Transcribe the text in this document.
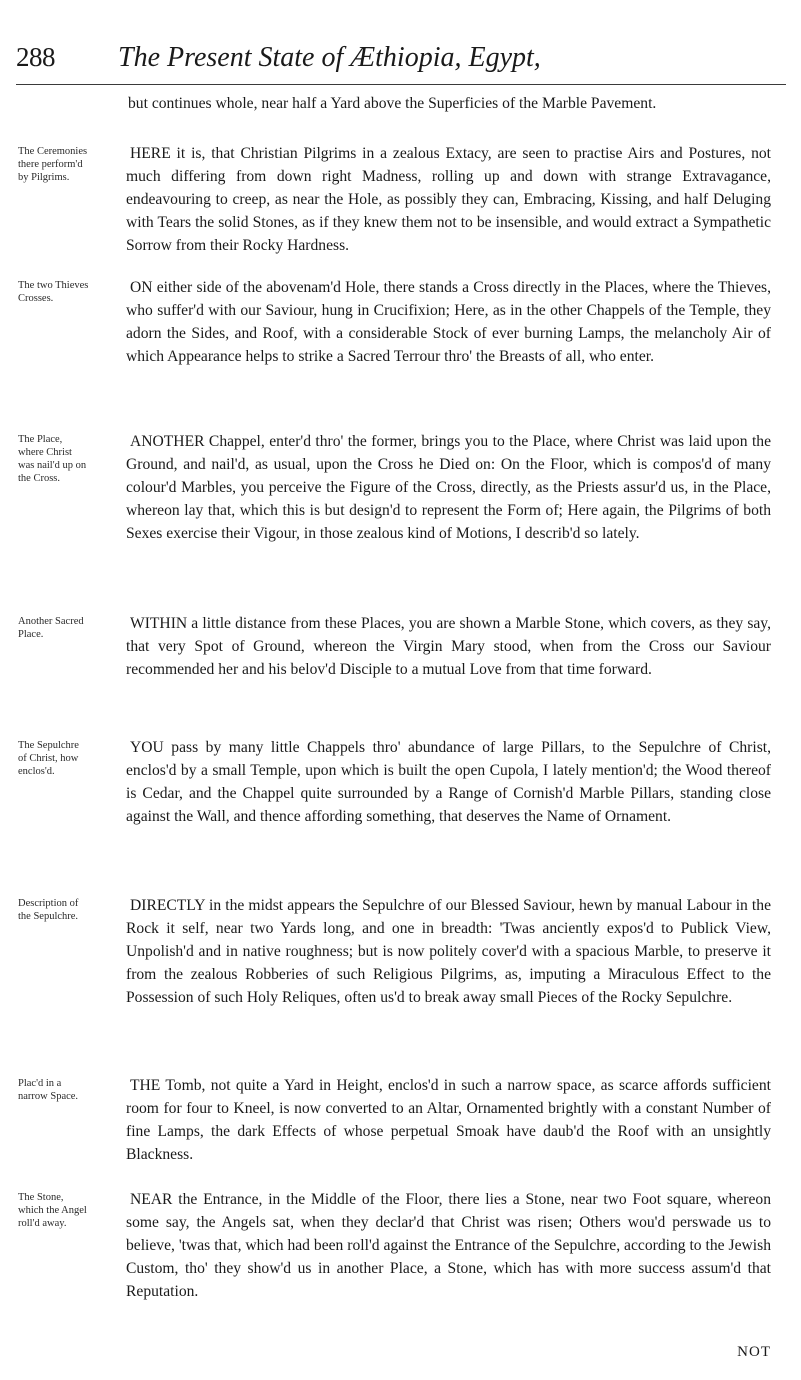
288 The Present State of Æthiopia, Egypt,
but continues whole, near half a Yard above the Superficies of the Marble Pavement.
The Ceremonies there perform'd by Pilgrims.
HERE it is, that Christian Pilgrims in a zealous Extacy, are seen to practise Airs and Postures, not much differing from down right Madness, rolling up and down with strange Extravagance, endeavouring to creep, as near the Hole, as possibly they can, Embracing, Kissing, and half Deluging with Tears the solid Stones, as if they knew them not to be insensible, and would extract a Sympathetic Sorrow from their Rocky Hardness.
The two Thieves Crosses.
ON either side of the abovenam'd Hole, there stands a Cross directly in the Places, where the Thieves, who suffer'd with our Saviour, hung in Crucifixion; Here, as in the other Chappels of the Temple, they adorn the Sides, and Roof, with a considerable Stock of ever burning Lamps, the melancholy Air of which Appearance helps to strike a Sacred Terrour thro' the Breasts of all, who enter.
The Place, where Christ was nail'd up on the Cross.
ANOTHER Chappel, enter'd thro' the former, brings you to the Place, where Christ was laid upon the Ground, and nail'd, as usual, upon the Cross he Died on: On the Floor, which is compos'd of many colour'd Marbles, you perceive the Figure of the Cross, directly, as the Priests assur'd us, in the Place, whereon lay that, which this is but design'd to represent the Form of; Here again, the Pilgrims of both Sexes exercise their Vigour, in those zealous kind of Motions, I describ'd so lately.
Another Sacred Place.
WITHIN a little distance from these Places, you are shown a Marble Stone, which covers, as they say, that very Spot of Ground, whereon the Virgin Mary stood, when from the Cross our Saviour recommended her and his belov'd Disciple to a mutual Love from that time forward.
The Sepulchre of Christ, how enclos'd.
YOU pass by many little Chappels thro' abundance of large Pillars, to the Sepulchre of Christ, enclos'd by a small Temple, upon which is built the open Cupola, I lately mention'd; the Wood thereof is Cedar, and the Chappel quite surrounded by a Range of Cornish'd Marble Pillars, standing close against the Wall, and thence affording something, that deserves the Name of Ornament.
Description of the Sepulchre.
DIRECTLY in the midst appears the Sepulchre of our Blessed Saviour, hewn by manual Labour in the Rock it self, near two Yards long, and one in breadth: 'Twas anciently expos'd to Publick View, Unpolish'd and in native roughness; but is now politely cover'd with a spacious Marble, to preserve it from the zealous Robberies of such Religious Pilgrims, as, imputing a Miraculous Effect to the Possession of such Holy Reliques, often us'd to break away small Pieces of the Rocky Sepulchre.
Plac'd in a narrow Space.
THE Tomb, not quite a Yard in Height, enclos'd in such a narrow space, as scarce affords sufficient room for four to Kneel, is now converted to an Altar, Ornamented brightly with a constant Number of fine Lamps, the dark Effects of whose perpetual Smoak have daub'd the Roof with an unsightly Blackness.
The Stone, which the Angel roll'd away.
NEAR the Entrance, in the Middle of the Floor, there lies a Stone, near two Foot square, whereon some say, the Angels sat, when they declar'd that Christ was risen; Others wou'd perswade us to believe, 'twas that, which had been roll'd against the Entrance of the Sepulchre, according to the Jewish Custom, tho' they show'd us in another Place, a Stone, which has with more success assum'd that Reputation.
NOT
